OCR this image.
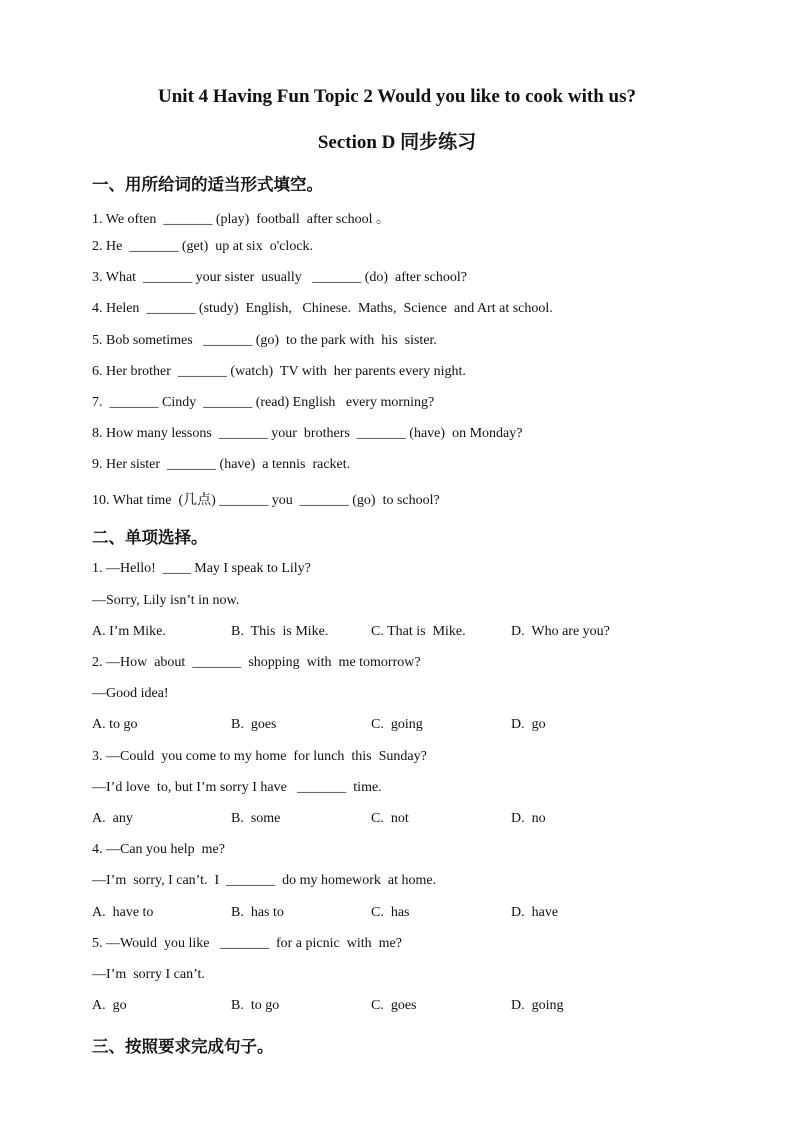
Unit 4 Having Fun Topic 2 Would you like to cook with us?
Section D 同步练习
一、用所给词的适当形式填空。
1. We often  _______ (play)  football  after school 。
2. He  _______ (get)  up at six  o'clock.
3. What  _______ your sister  usually   _______ (do)  after school?
4. Helen  _______ (study)  English,   Chinese.  Maths,  Science  and Art at school.
5. Bob sometimes   _______ (go)  to the park with  his  sister.
6. Her brother  _______ (watch)  TV with  her parents every night.
7.  _______ Cindy  _______ (read) English   every morning?
8. How many lessons  _______ your  brothers  _______ (have)  on Monday?
9. Her sister  _______ (have)  a tennis  racket.
10. What time  (几点) _______ you  _______ (go)  to school?
二、单项选择。
1. —Hello!  ____ May I speak to Lily?
—Sorry, Lily isn’t in now.
A. I’m Mike.	B.  This  is Mike.	C. That is  Mike.	D.  Who are you?
2. —How  about  _______  shopping  with  me tomorrow?
—Good idea!
A. to go	B.  goes	C.  going	D.  go
3. —Could  you come to my home  for lunch  this  Sunday?
—I’d love  to, but I’m sorry I have   _______  time.
A.  any	B.  some	C.  not	D.  no
4. —Can you help  me?
—I’m  sorry, I can’t.  I  _______  do my homework  at home.
A.  have to	B.  has to	C.  has	D.  have
5. —Would  you like   _______  for a picnic  with  me?
—I’m  sorry I can’t.
A.  go	B.  to go	C.  goes	D.  going
三、按照要求完成句子。
